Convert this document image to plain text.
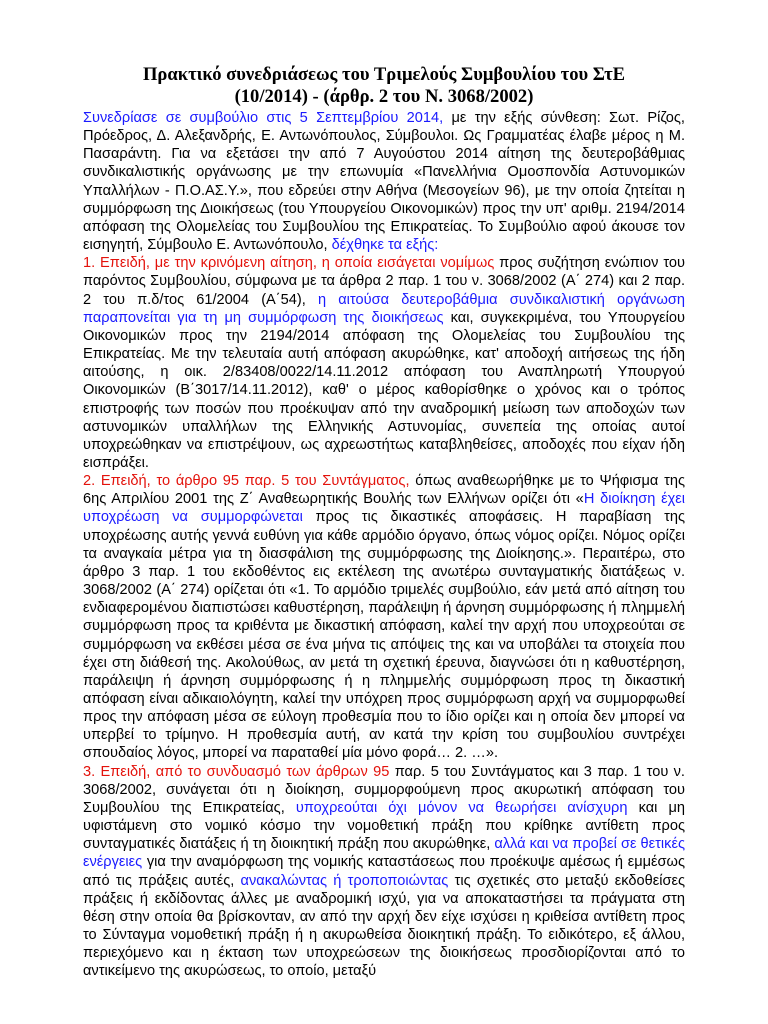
Πρακτικό συνεδριάσεως του Τριμελούς Συμβουλίου του ΣτΕ
(10/2014) - (άρθρ. 2 του Ν. 3068/2002)

Συνεδρίασε σε συμβούλιο στις 5 Σεπτεμβρίου 2014, με την εξής σύνθεση: Σωτ. Ρίζος, Πρόεδρος, Δ. Αλεξανδρής, Ε. Αντωνόπουλος, Σύμβουλοι. Ως Γραμματέας έλαβε μέρος η Μ. Πασαράντη. Για να εξετάσει την από 7 Αυγούστου 2014 αίτηση της δευτεροβάθμιας συνδικαλιστικής οργάνωσης με την επωνυμία «Πανελλήνια Ομοσπονδία Αστυνομικών Υπαλλήλων - Π.Ο.ΑΣ.Υ.», που εδρεύει στην Αθήνα (Μεσογείων 96), με την οποία ζητείται η συμμόρφωση της Διοικήσεως (του Υπουργείου Οικονομικών) προς την υπ' αριθμ. 2194/2014 απόφαση της Ολομελείας του Συμβουλίου της Επικρατείας. Το Συμβούλιο αφού άκουσε τον εισηγητή, Σύμβουλο Ε. Αντωνόπουλο, δέχθηκε τα εξής:

1. Επειδή, με την κρινόμενη αίτηση, η οποία εισάγεται νομίμως προς συζήτηση ενώπιον του παρόντος Συμβουλίου, σύμφωνα με τα άρθρα 2 παρ. 1 του ν. 3068/2002 (Α΄ 274) και 2 παρ. 2 του π.δ/τος 61/2004 (Α΄54), η αιτούσα δευτεροβάθμια συνδικαλιστική οργάνωση παραπονείται για τη μη συμμόρφωση της διοικήσεως και, συγκεκριμένα, του Υπουργείου Οικονομικών προς την 2194/2014 απόφαση της Ολομελείας του Συμβουλίου της Επικρατείας. Με την τελευταία αυτή απόφαση ακυρώθηκε, κατ' αποδοχή αιτήσεως της ήδη αιτούσης, η οικ. 2/83408/0022/14.11.2012 απόφαση του Αναπληρωτή Υπουργού Οικονομικών (Β΄3017/14.11.2012), καθ' ο μέρος καθορίσθηκε ο χρόνος και ο τρόπος επιστροφής των ποσών που προέκυψαν από την αναδρομική μείωση των αποδοχών των αστυνομικών υπαλλήλων της Ελληνικής Αστυνομίας, συνεπεία της οποίας αυτοί υποχρεώθηκαν να επιστρέψουν, ως αχρεωστήτως καταβληθείσες, αποδοχές που είχαν ήδη εισπράξει.

2. Επειδή, το άρθρο 95 παρ. 5 του Συντάγματος, όπως αναθεωρήθηκε με το Ψήφισμα της 6ης Απριλίου 2001 της Ζ΄ Αναθεωρητικής Βουλής των Ελλήνων ορίζει ότι «Η διοίκηση έχει υποχρέωση να συμμορφώνεται προς τις δικαστικές αποφάσεις. Η παραβίαση της υποχρέωσης αυτής γεννά ευθύνη για κάθε αρμόδιο όργανο, όπως νόμος ορίζει. Νόμος ορίζει τα αναγκαία μέτρα για τη διασφάλιση της συμμόρφωσης της Διοίκησης.». Περαιτέρω, στο άρθρο 3 παρ. 1 του εκδοθέντος εις εκτέλεση της ανωτέρω συνταγματικής διατάξεως ν. 3068/2002 (Α΄ 274) ορίζεται ότι «1. Το αρμόδιο τριμελές συμβούλιο, εάν μετά από αίτηση του ενδιαφερομένου διαπιστώσει καθυστέρηση, παράλειψη ή άρνηση συμμόρφωσης ή πλημμελή συμμόρφωση προς τα κριθέντα με δικαστική απόφαση, καλεί την αρχή που υποχρεούται σε συμμόρφωση να εκθέσει μέσα σε ένα μήνα τις απόψεις της και να υποβάλει τα στοιχεία που έχει στη διάθεσή της. Ακολούθως, αν μετά τη σχετική έρευνα, διαγνώσει ότι η καθυστέρηση, παράλειψη ή άρνηση συμμόρφωσης ή η πλημμελής συμμόρφωση προς τη δικαστική απόφαση είναι αδικαιολόγητη, καλεί την υπόχρεη προς συμμόρφωση αρχή να συμμορφωθεί προς την απόφαση μέσα σε εύλογη προθεσμία που το ίδιο ορίζει και η οποία δεν μπορεί να υπερβεί το τρίμηνο. Η προθεσμία αυτή, αν κατά την κρίση του συμβουλίου συντρέχει σπουδαίος λόγος, μπορεί να παραταθεί μία μόνο φορά… 2. …».

3. Επειδή, από το συνδυασμό των άρθρων 95 παρ. 5 του Συντάγματος και 3 παρ. 1 του ν. 3068/2002, συνάγεται ότι η διοίκηση, συμμορφούμενη προς ακυρωτική απόφαση του Συμβουλίου της Επικρατείας, υποχρεούται όχι μόνον να θεωρήσει ανίσχυρη και μη υφιστάμενη στο νομικό κόσμο την νομοθετική πράξη που κρίθηκε αντίθετη προς συνταγματικές διατάξεις ή τη διοικητική πράξη που ακυρώθηκε, αλλά και να προβεί σε θετικές ενέργειες για την αναμόρφωση της νομικής καταστάσεως που προέκυψε αμέσως ή εμμέσως από τις πράξεις αυτές, ανακαλώντας ή τροποποιώντας τις σχετικές στο μεταξύ εκδοθείσες πράξεις ή εκδίδοντας άλλες με αναδρομική ισχύ, για να αποκαταστήσει τα πράγματα στη θέση στην οποία θα βρίσκονταν, αν από την αρχή δεν είχε ισχύσει η κριθείσα αντίθετη προς το Σύνταγμα νομοθετική πράξη ή η ακυρωθείσα διοικητική πράξη. Το ειδικότερο, εξ άλλου, περιεχόμενο και η έκταση των υποχρεώσεων της διοικήσεως προσδιορίζονται από το αντικείμενο της ακυρώσεως, το οποίο, μεταξύ
